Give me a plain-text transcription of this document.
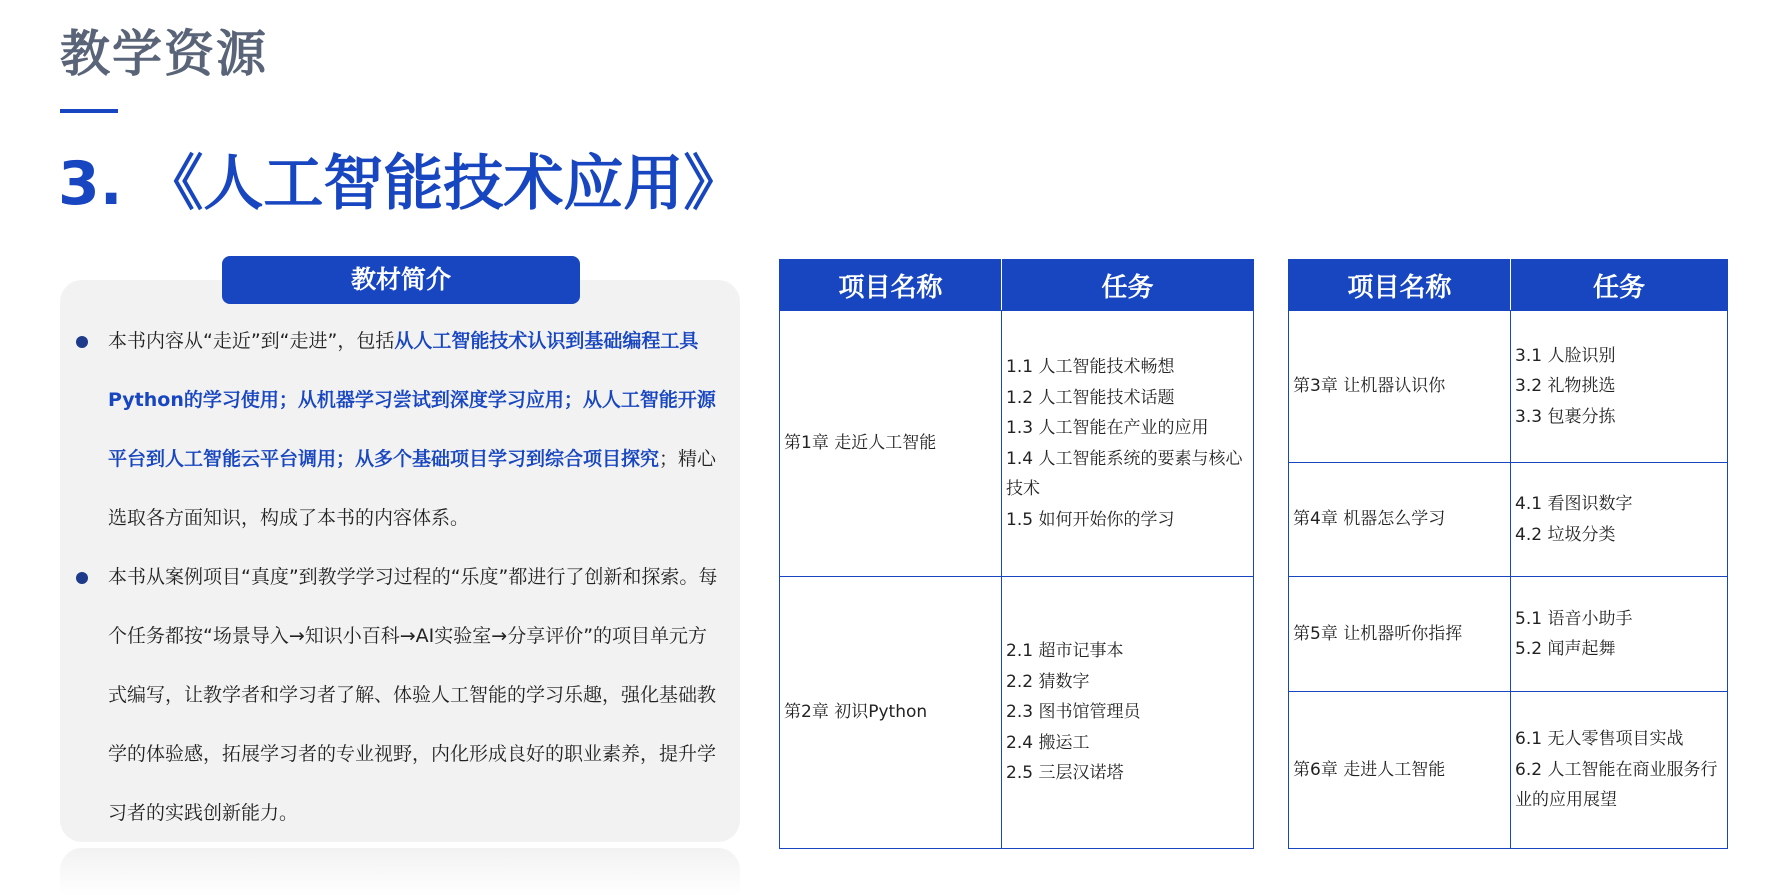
教学资源
3. 《人工智能技术应用》
教材简介
本书内容从“走近”到“走进”，包括从人工智能技术认识到基础编程工具Python的学习使用；从机器学习尝试到深度学习应用；从人工智能开源平台到人工智能云平台调用；从多个基础项目学习到综合项目探究；精心选取各方面知识，构成了本书的内容体系。
本书从案例项目“真度”到教学学习过程的“乐度”都进行了创新和探索。每个任务都按“场景导入→知识小百科→AI实验室→分享评价”的项目单元方式编写，让教学者和学习者了解、体验人工智能的学习乐趣，强化基础教学的体验感，拓展学习者的专业视野，内化形成良好的职业素养，提升学习者的实践创新能力。
项目名称	任务
第1章 走近人工智能	1.1 人工智能技术畅想
1.2 人工智能技术话题
1.3 人工智能在产业的应用
1.4 人工智能系统的要素与核心技术
1.5 如何开始你的学习

第2章 初识Python	2.1 超市记事本
2.2 猜数字
2.3 图书馆管理员
2.4 搬运工
2.5 三层汉诺塔
项目名称	任务
第3章 让机器认识你	3.1 人脸识别
3.2 礼物挑选
3.3 包裹分拣

第4章 机器怎么学习	4.1 看图识数字
4.2 垃圾分类

第5章 让机器听你指挥	5.1 语音小助手
5.2 闻声起舞

第6章 走进人工智能	6.1 无人零售项目实战
6.2 人工智能在商业服务行业的应用展望
